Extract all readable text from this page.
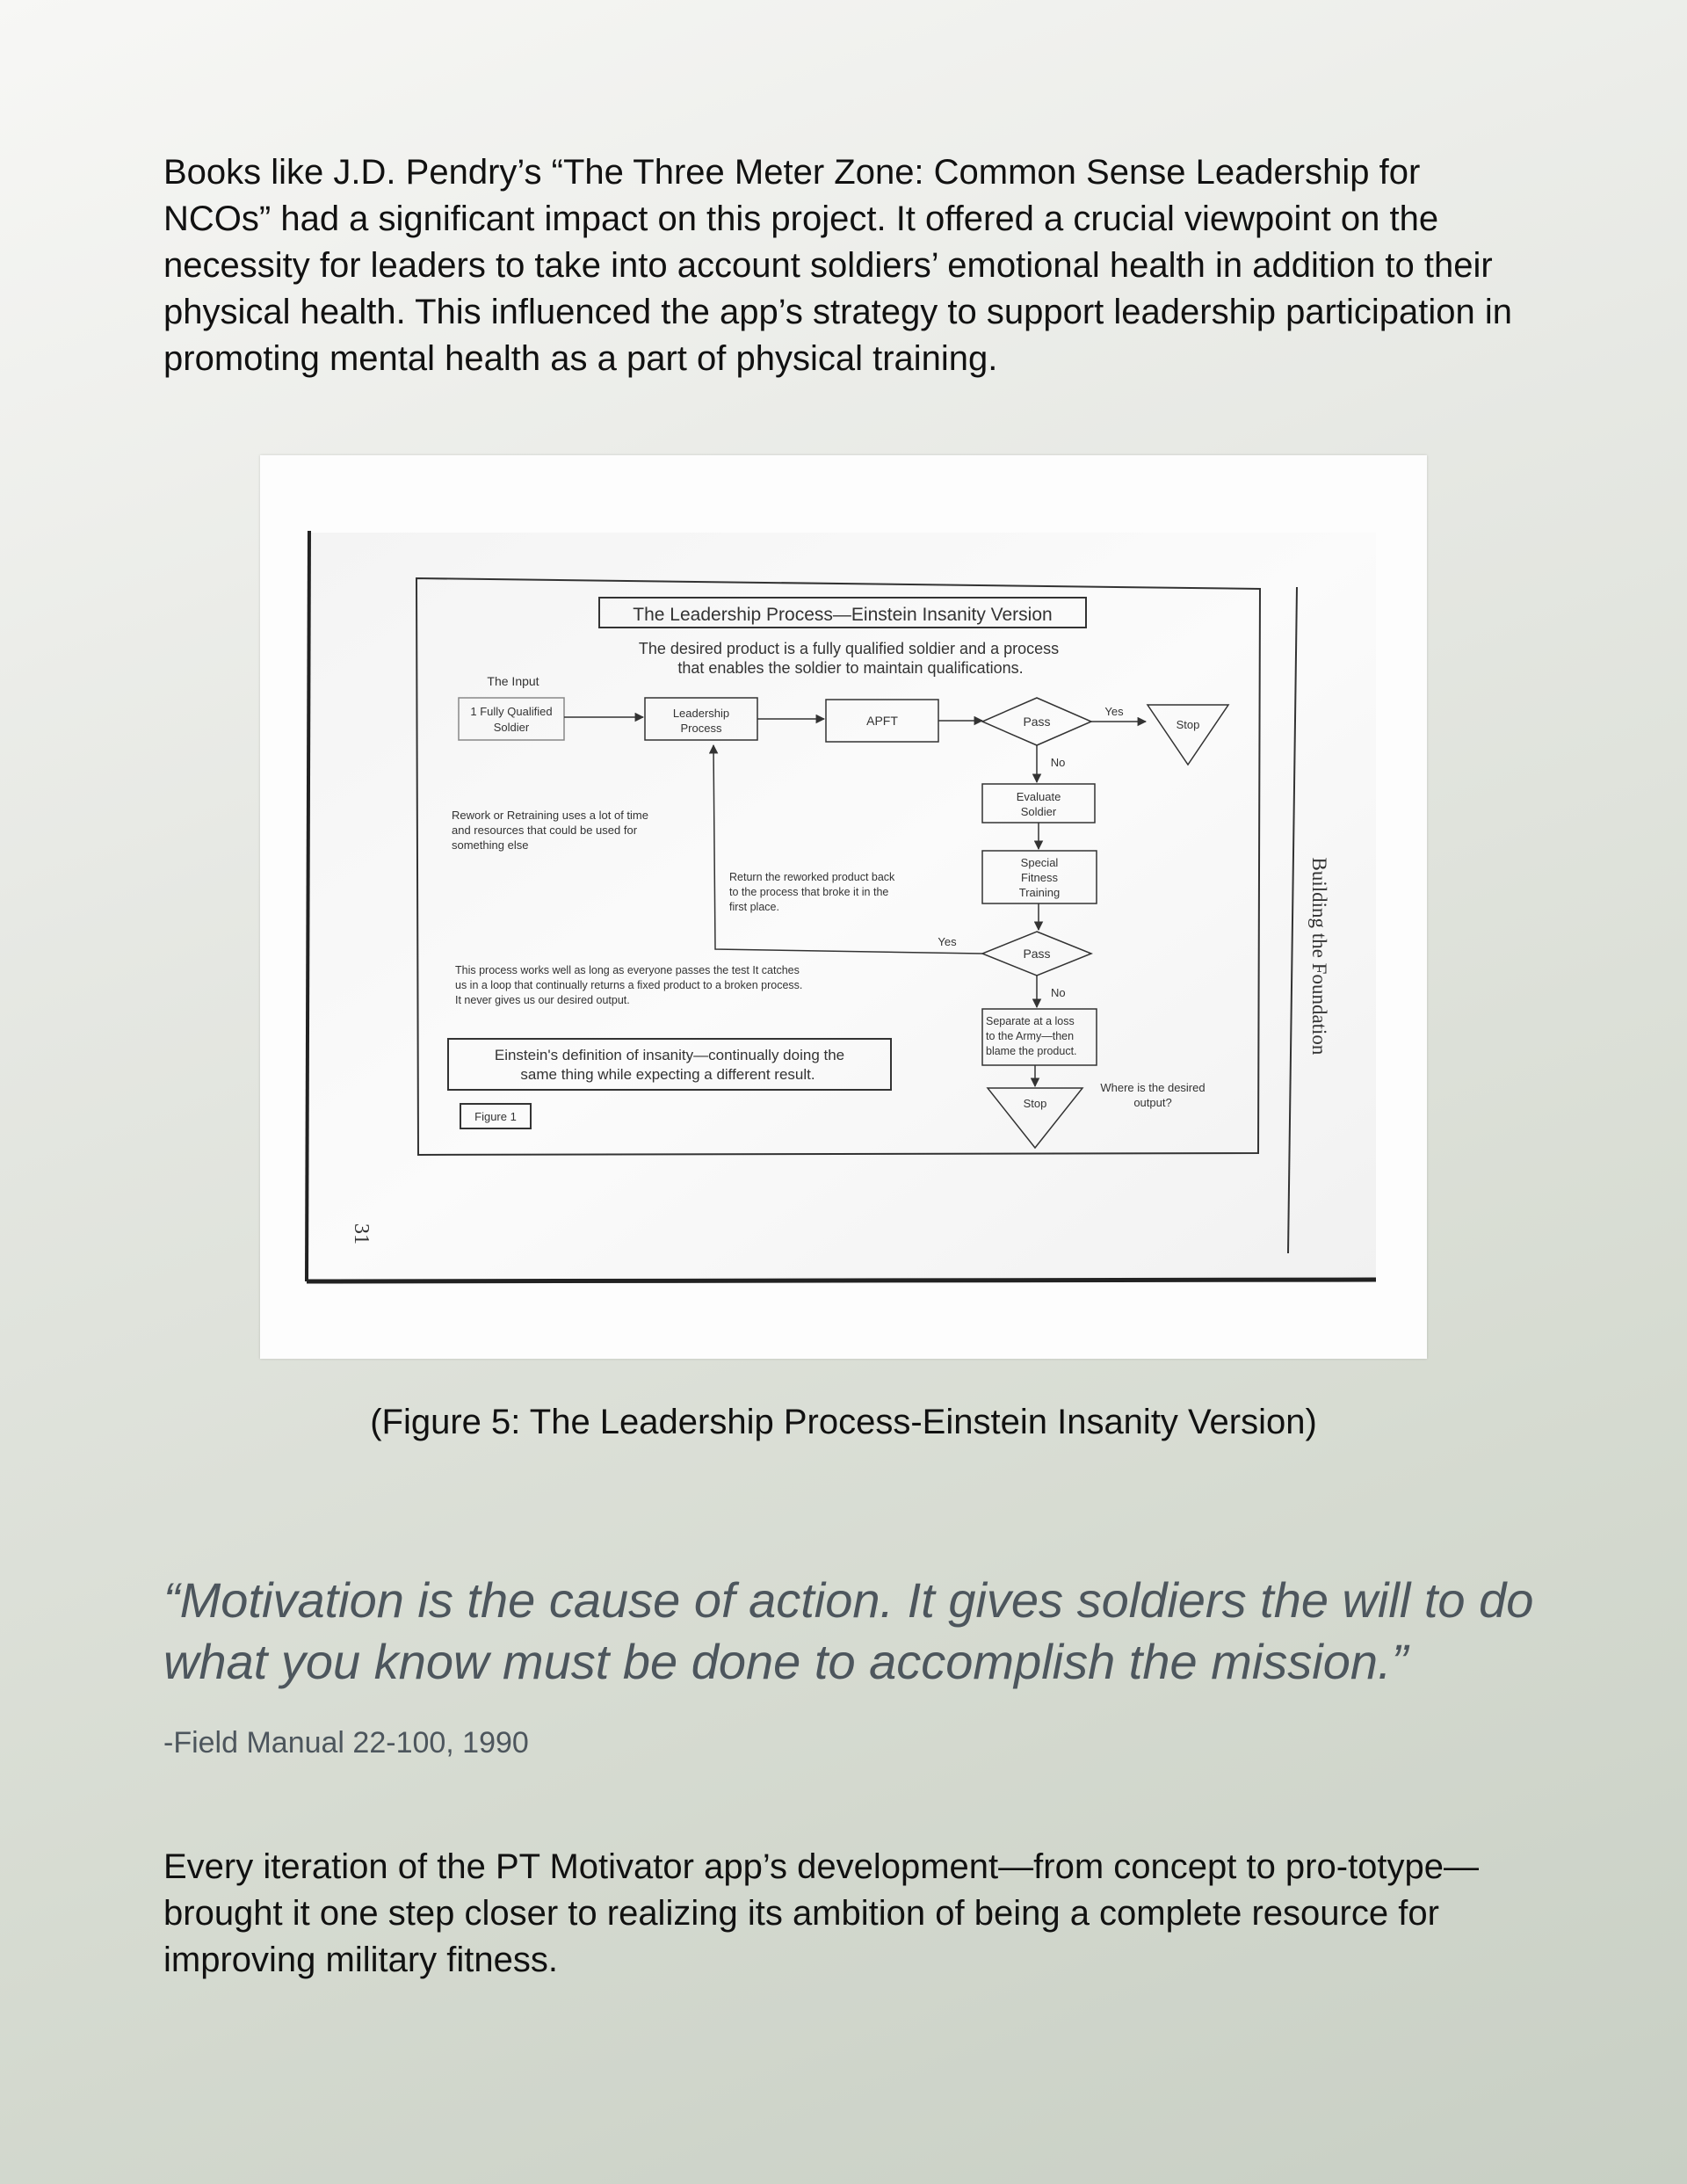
Books like J.D. Pendry’s “The Three Meter Zone: Common Sense Leadership for NCOs” had a significant impact on this project. It offered a crucial viewpoint on the necessity for leaders to take into account soldiers’ emotional health in addition to their physical health. This influenced the app’s strategy to support leadership participation in promoting mental health as a part of physical training.

The Leadership Process—Einstein Insanity Version
The desired product is a fully qualified soldier and a process
that enables the soldier to maintain qualifications.
The Input
1 Fully Qualified
Soldier
Leadership
Process
APFT	Pass
Yes
Stop
No
Evaluate
Soldier
Special
Fitness
Training
Pass
Yes
No
Separate at a loss
to the Army—then
blame the product.
Stop
Where is the desired
output?
Rework or Retraining uses a lot of time
and resources that could be used for
something else
Return the reworked product back
to the process that broke it in the
first place.
This process works well as long as everyone passes the test It catches
us in a loop that continually returns a fixed product to a broken process.
It never gives us our desired output.
Einstein's definition of insanity—continually doing the
same thing while expecting a different result.
Figure 1
31
Building the Foundation

(Figure 5: The Leadership Process-Einstein Insanity Version)

“Motivation is the cause of action. It gives soldiers the will to do what you know must be done to accomplish the mission.”

-Field Manual 22-100, 1990

Every iteration of the PT Motivator app’s development—from concept to pro-totype—brought it one step closer to realizing its ambition of being a complete resource for improving military fitness.
